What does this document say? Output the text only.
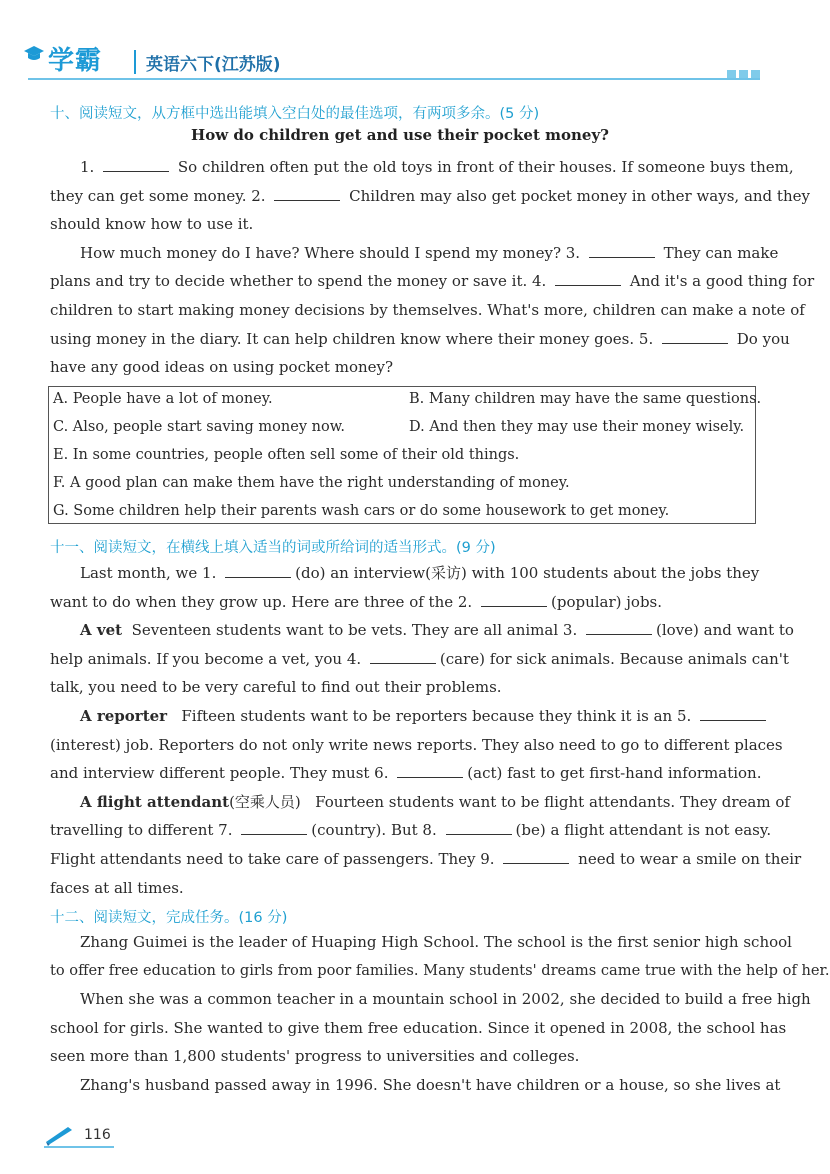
学霸	英语六下(江苏版)
十、阅读短文，从方框中选出能填入空白处的最佳选项，有两项多余。(5 分)
How do children get and use their pocket money?
1.	So children often put the old toys in front of their houses. If someone buys them,
they can get some money. 2.	Children may also get pocket money in other ways, and they
should know how to use it.
How much money do I have? Where should I spend my money? 3.	They can make
plans and try to decide whether to spend the money or save it. 4.	And it's a good thing for
children to start making money decisions by themselves. What's more, children can make a note of
using money in the diary. It can help children know where their money goes. 5.	Do you
have any good ideas on using pocket money?
A. People have a lot of money.	B. Many children may have the same questions.
C. Also, people start saving money now.	D. And then they may use their money wisely.
E. In some countries, people often sell some of their old things.
F. A good plan can make them have the right understanding of money.
G. Some children help their parents wash cars or do some housework to get money.
十一、阅读短文，在横线上填入适当的词或所给词的适当形式。(9 分)
Last month, we 1.	(do) an interview(采访) with 100 students about the jobs they
want to do when they grow up. Here are three of the 2.	(popular) jobs.
A vet Seventeen students want to be vets. They are all animal 3.	(love) and want to
help animals. If you become a vet, you 4.	(care) for sick animals. Because animals can't
talk, you need to be very careful to find out their problems.
A reporter Fifteen students want to be reporters because they think it is an 5.
(interest) job. Reporters do not only write news reports. They also need to go to different places
and interview different people. They must 6.	(act) fast to get first-hand information.
A flight attendant(空乘人员) Fourteen students want to be flight attendants. They dream of
travelling to different 7.	(country). But 8.	(be) a flight attendant is not easy.
Flight attendants need to take care of passengers. They 9.	need to wear a smile on their
faces at all times.
十二、阅读短文，完成任务。(16 分)
Zhang Guimei is the leader of Huaping High School. The school is the first senior high school
to offer free education to girls from poor families. Many students' dreams came true with the help of her.
When she was a common teacher in a mountain school in 2002, she decided to build a free high
school for girls. She wanted to give them free education. Since it opened in 2008, the school has
seen more than 1,800 students' progress to universities and colleges.
Zhang's husband passed away in 1996. She doesn't have children or a house, so she lives at
116
